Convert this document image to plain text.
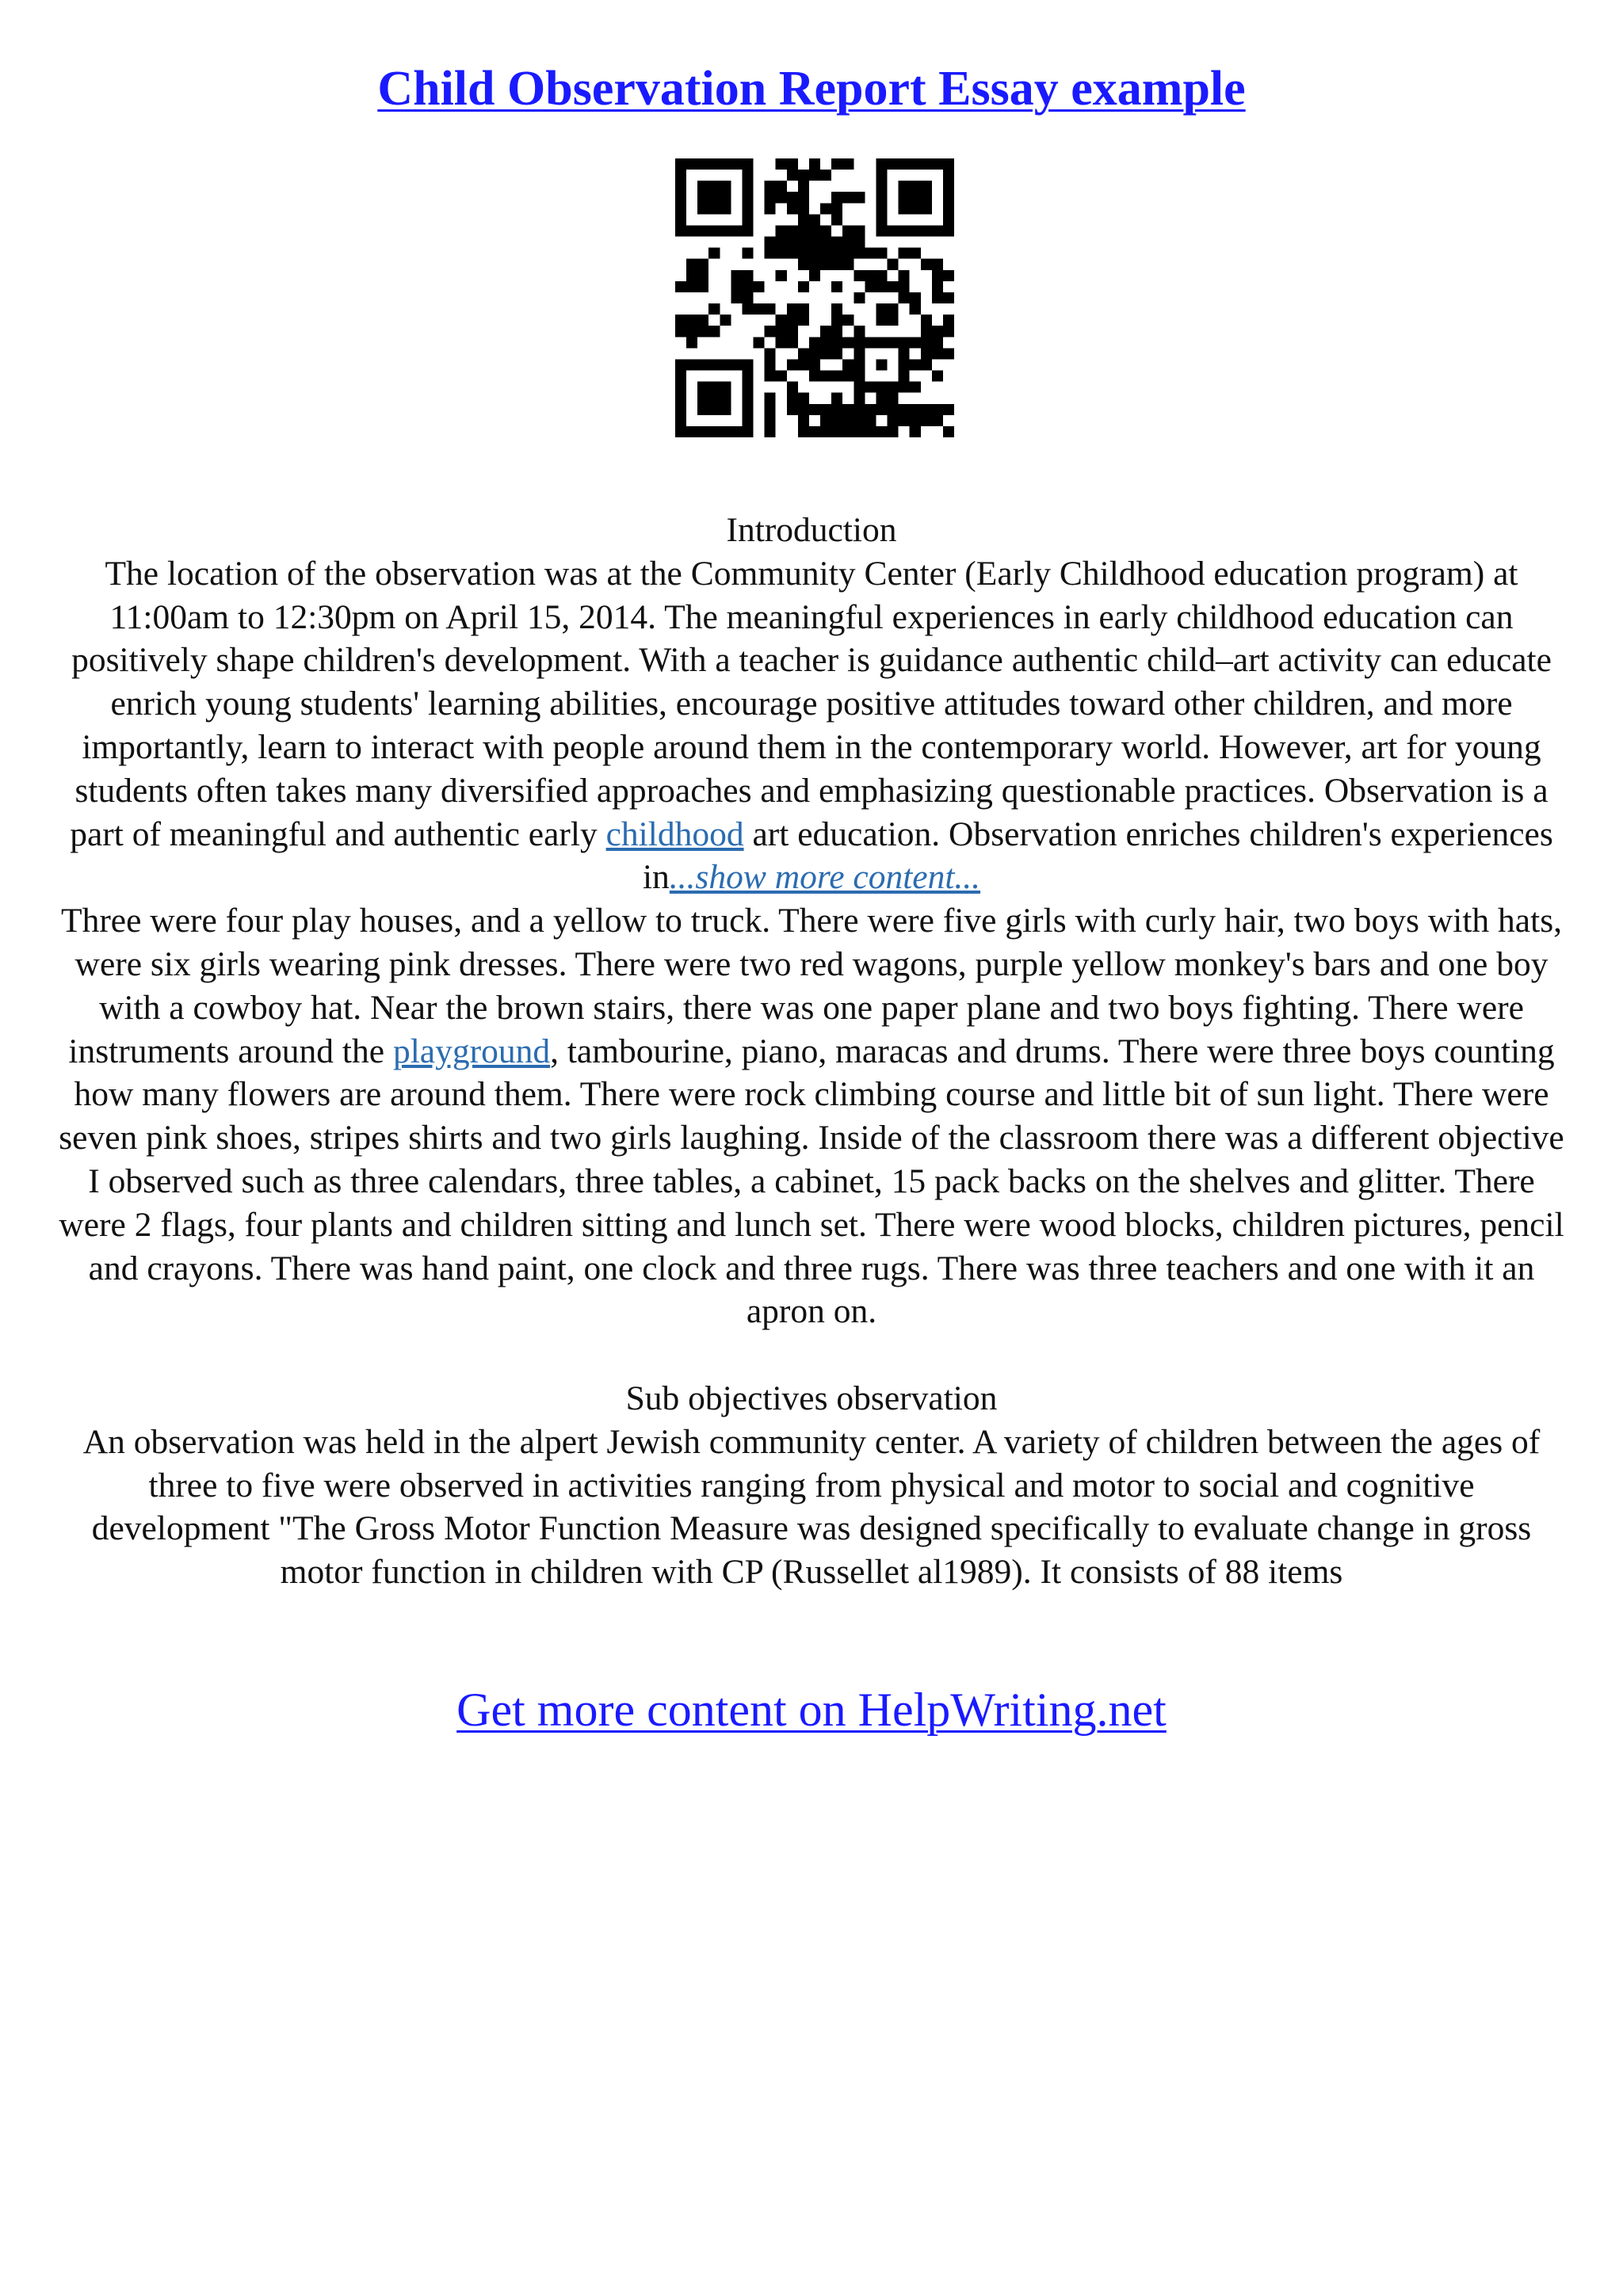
Child Observation Report Essay example

Introduction

The location of the observation was at the Community Center (Early Childhood education program) at 11:00am to 12:30pm on April 15, 2014. The meaningful experiences in early childhood education can positively shape children's development. With a teacher is guidance authentic child–art activity can educate enrich young students' learning abilities, encourage positive attitudes toward other children, and more importantly, learn to interact with people around them in the contemporary world. However, art for young students often takes many diversified approaches and emphasizing questionable practices. Observation is a part of meaningful and authentic early childhood art education. Observation enriches children's experiences in...show more content...

Three were four play houses, and a yellow to truck. There were five girls with curly hair, two boys with hats, were six girls wearing pink dresses. There were two red wagons, purple yellow monkey's bars and one boy with a cowboy hat. Near the brown stairs, there was one paper plane and two boys fighting. There were instruments around the playground, tambourine, piano, maracas and drums. There were three boys counting how many flowers are around them. There were rock climbing course and little bit of sun light. There were seven pink shoes, stripes shirts and two girls laughing. Inside of the classroom there was a different objective I observed such as three calendars, three tables, a cabinet, 15 pack backs on the shelves and glitter. There were 2 flags, four plants and children sitting and lunch set. There were wood blocks, children pictures, pencil and crayons. There was hand paint, one clock and three rugs. There was three teachers and one with it an apron on.

Sub objectives observation

An observation was held in the alpert Jewish community center. A variety of children between the ages of three to five were observed in activities ranging from physical and motor to social and cognitive development "The Gross Motor Function Measure was designed specifically to evaluate change in gross motor function in children with CP (Russellet al1989). It consists of 88 items

Get more content on HelpWriting.net
